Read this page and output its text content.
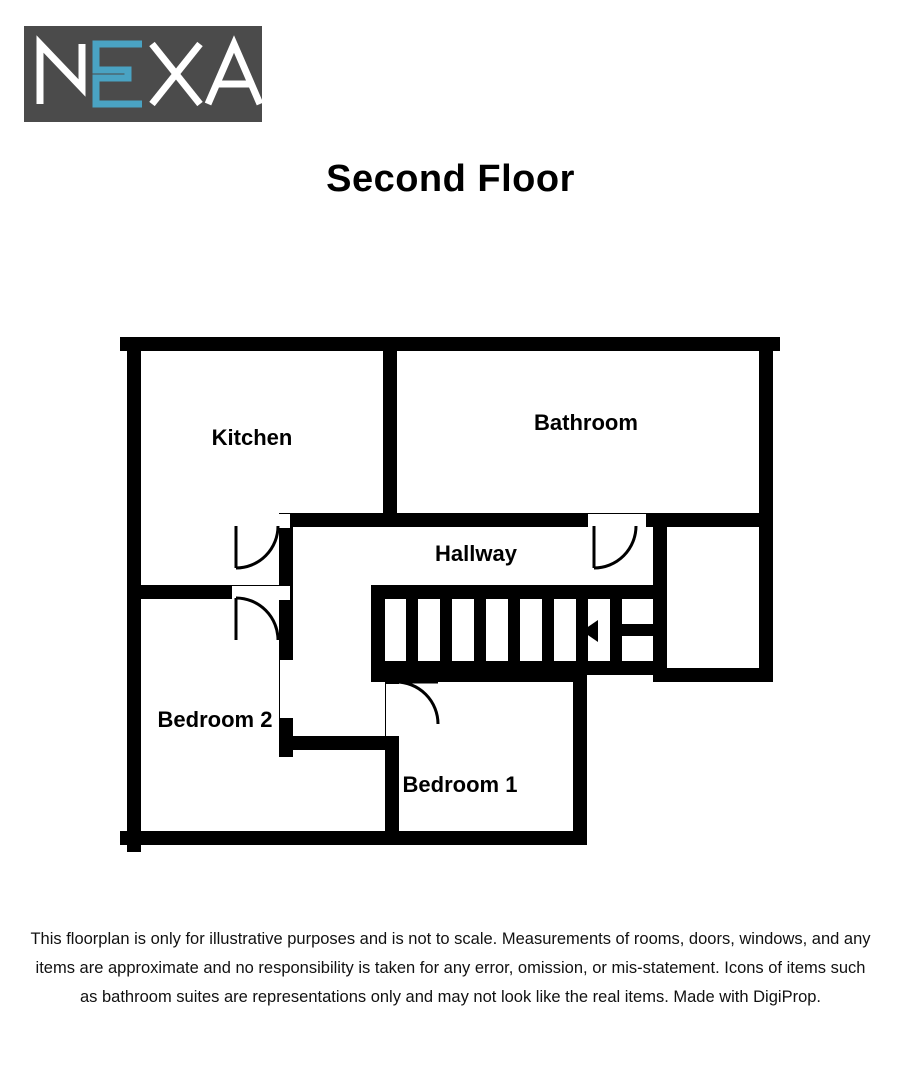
Second Floor
Kitchen
Bathroom
Hallway
Bedroom 2
Bedroom 1
This floorplan is only for illustrative purposes and is not to scale. Measurements of rooms, doors, windows, and any items are approximate and no responsibility is taken for any error, omission, or mis-statement. Icons of items such as bathroom suites are representations only and may not look like the real items. Made with DigiProp.
